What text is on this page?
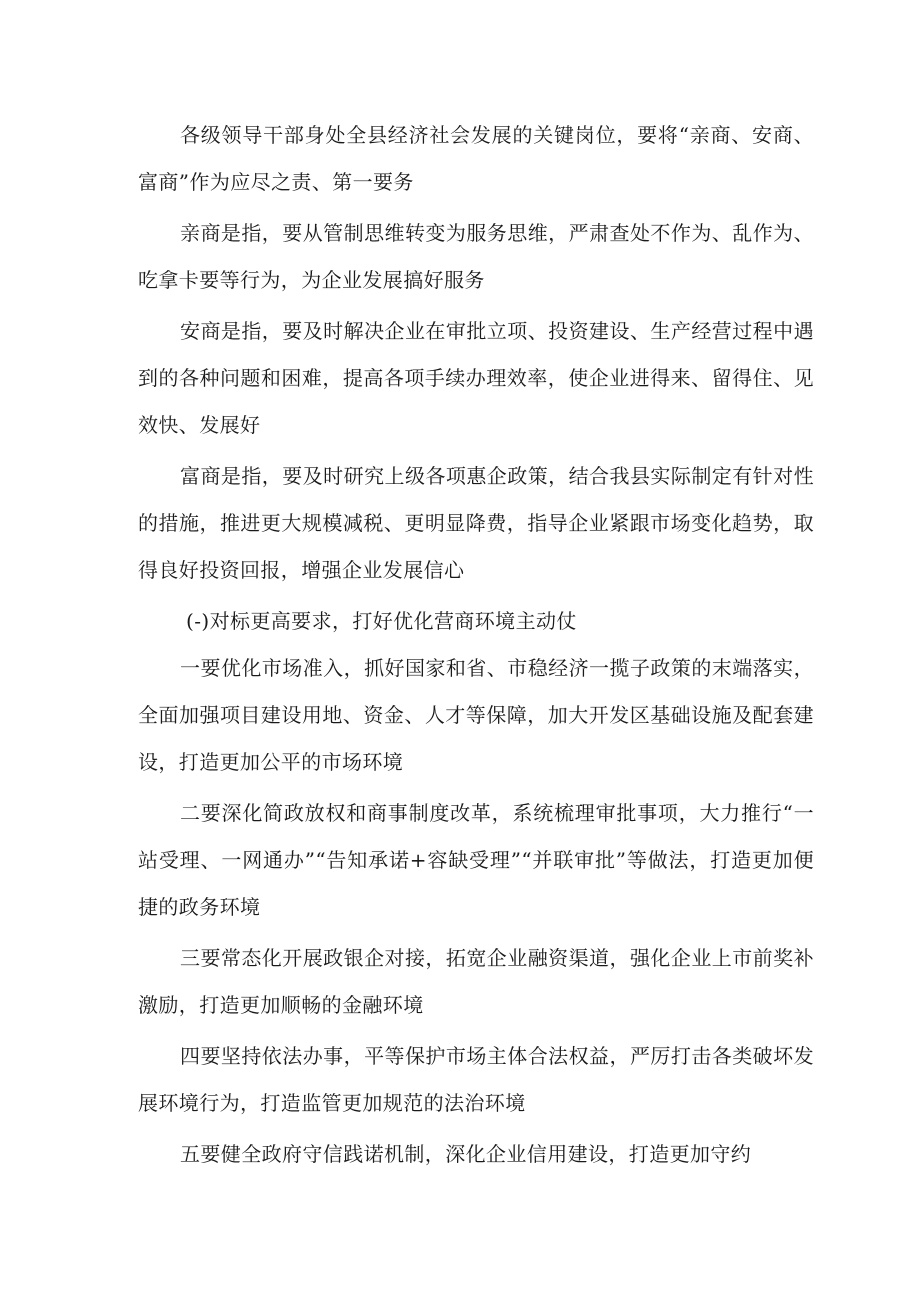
各级领导干部身处全县经济社会发展的关键岗位，要将“亲商、安商、富商”作为应尽之责、第一要务

亲商是指，要从管制思维转变为服务思维，严肃查处不作为、乱作为、吃拿卡要等行为，为企业发展搞好服务

安商是指，要及时解决企业在审批立项、投资建设、生产经营过程中遇到的各种问题和困难，提高各项手续办理效率，使企业进得来、留得住、见效快、发展好

富商是指，要及时研究上级各项惠企政策，结合我县实际制定有针对性的措施，推进更大规模减税、更明显降费，指导企业紧跟市场变化趋势，取得良好投资回报，增强企业发展信心

(-)对标更高要求，打好优化营商环境主动仗

一要优化市场准入，抓好国家和省、市稳经济一揽子政策的末端落实，全面加强项目建设用地、资金、人才等保障，加大开发区基础设施及配套建设，打造更加公平的市场环境

二要深化简政放权和商事制度改革，系统梳理审批事项，大力推行“一站受理、一网通办”“告知承诺+容缺受理”“并联审批”等做法，打造更加便捷的政务环境

三要常态化开展政银企对接，拓宽企业融资渠道，强化企业上市前奖补激励，打造更加顺畅的金融环境

四要坚持依法办事，平等保护市场主体合法权益，严厉打击各类破坏发展环境行为，打造监管更加规范的法治环境

五要健全政府守信践诺机制，深化企业信用建设，打造更加守约
